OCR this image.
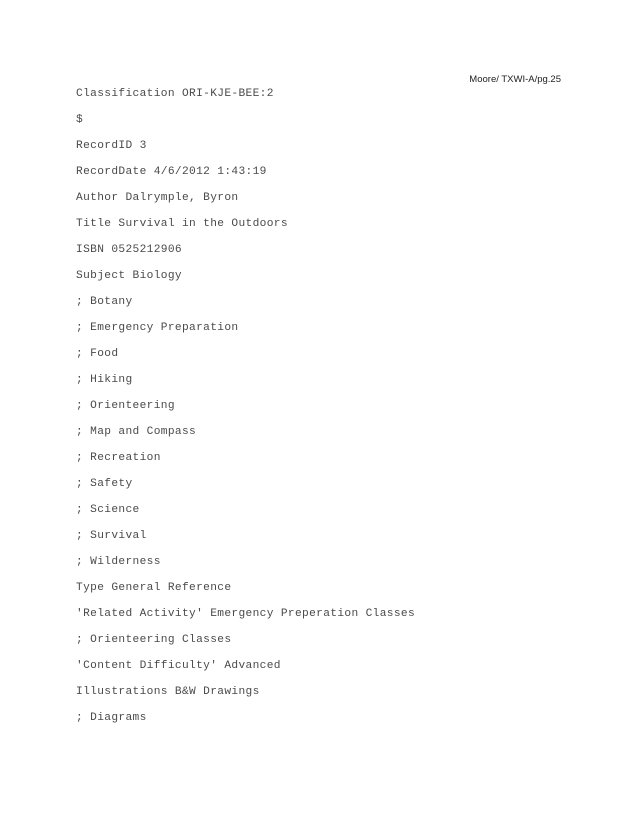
Moore/ TXWI-A/pg.25
Classification ORI-KJE-BEE:2
$
RecordID 3
RecordDate 4/6/2012 1:43:19
Author Dalrymple, Byron
Title Survival in the Outdoors
ISBN 0525212906
Subject Biology
; Botany
; Emergency Preparation
; Food
; Hiking
; Orienteering
; Map and Compass
; Recreation
; Safety
; Science
; Survival
; Wilderness
Type General Reference
'Related Activity' Emergency Preperation Classes
; Orienteering Classes
'Content Difficulty' Advanced
Illustrations B&W Drawings
; Diagrams
